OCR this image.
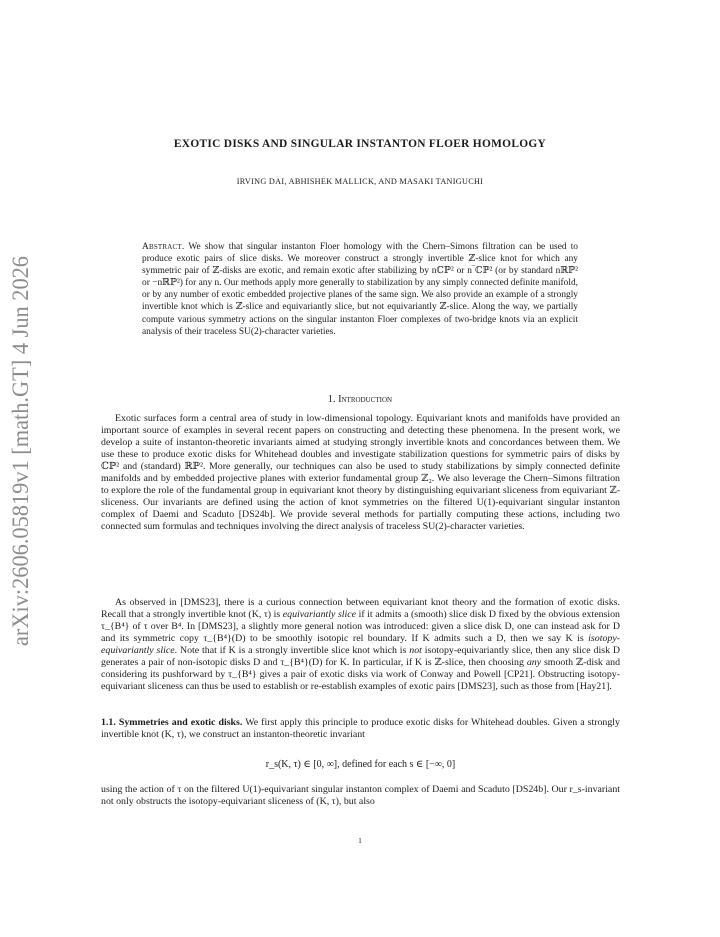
arXiv:2606.05819v1 [math.GT] 4 Jun 2026
EXOTIC DISKS AND SINGULAR INSTANTON FLOER HOMOLOGY
IRVING DAI, ABHISHEK MALLICK, AND MASAKI TANIGUCHI
Abstract. We show that singular instanton Floer homology with the Chern–Simons filtration can be used to produce exotic pairs of slice disks. We moreover construct a strongly invertible ℤ-slice knot for which any symmetric pair of ℤ-disks are exotic, and remain exotic after stabilizing by nℂℙ² or n‾ℂℙ² (or by standard nℝℙ² or −nℝℙ²) for any n. Our methods apply more generally to stabilization by any simply connected definite manifold, or by any number of exotic embedded projective planes of the same sign. We also provide an example of a strongly invertible knot which is ℤ-slice and equivariantly slice, but not equivariantly ℤ-slice. Along the way, we partially compute various symmetry actions on the singular instanton Floer complexes of two-bridge knots via an explicit analysis of their traceless SU(2)-character varieties.
1. Introduction
Exotic surfaces form a central area of study in low-dimensional topology. Equivariant knots and manifolds have provided an important source of examples in several recent papers on constructing and detecting these phenomena. In the present work, we develop a suite of instanton-theoretic invariants aimed at studying strongly invertible knots and concordances between them. We use these to produce exotic disks for Whitehead doubles and investigate stabilization questions for symmetric pairs of disks by ℂℙ² and (standard) ℝℙ². More generally, our techniques can also be used to study stabilizations by simply connected definite manifolds and by embedded projective planes with exterior fundamental group ℤ₂. We also leverage the Chern–Simons filtration to explore the role of the fundamental group in equivariant knot theory by distinguishing equivariant sliceness from equivariant ℤ-sliceness. Our invariants are defined using the action of knot symmetries on the filtered U(1)-equivariant singular instanton complex of Daemi and Scaduto [DS24b]. We provide several methods for partially computing these actions, including two connected sum formulas and techniques involving the direct analysis of traceless SU(2)-character varieties.
As observed in [DMS23], there is a curious connection between equivariant knot theory and the formation of exotic disks. Recall that a strongly invertible knot (K, τ) is equivariantly slice if it admits a (smooth) slice disk D fixed by the obvious extension τ_{B⁴} of τ over B⁴. In [DMS23], a slightly more general notion was introduced: given a slice disk D, one can instead ask for D and its symmetric copy τ_{B⁴}(D) to be smoothly isotopic rel boundary. If K admits such a D, then we say K is isotopy-equivariantly slice. Note that if K is a strongly invertible slice knot which is not isotopy-equivariantly slice, then any slice disk D generates a pair of non-isotopic disks D and τ_{B⁴}(D) for K. In particular, if K is ℤ-slice, then choosing any smooth ℤ-disk and considering its pushforward by τ_{B⁴} gives a pair of exotic disks via work of Conway and Powell [CP21]. Obstructing isotopy-equivariant sliceness can thus be used to establish or re-establish examples of exotic pairs [DMS23], such as those from [Hay21].
1.1. Symmetries and exotic disks. We first apply this principle to produce exotic disks for Whitehead doubles. Given a strongly invertible knot (K, τ), we construct an instanton-theoretic invariant
r_s(K, τ) ∈ [0, ∞], defined for each s ∈ [−∞, 0]
using the action of τ on the filtered U(1)-equivariant singular instanton complex of Daemi and Scaduto [DS24b]. Our r_s-invariant not only obstructs the isotopy-equivariant sliceness of (K, τ), but also
1
